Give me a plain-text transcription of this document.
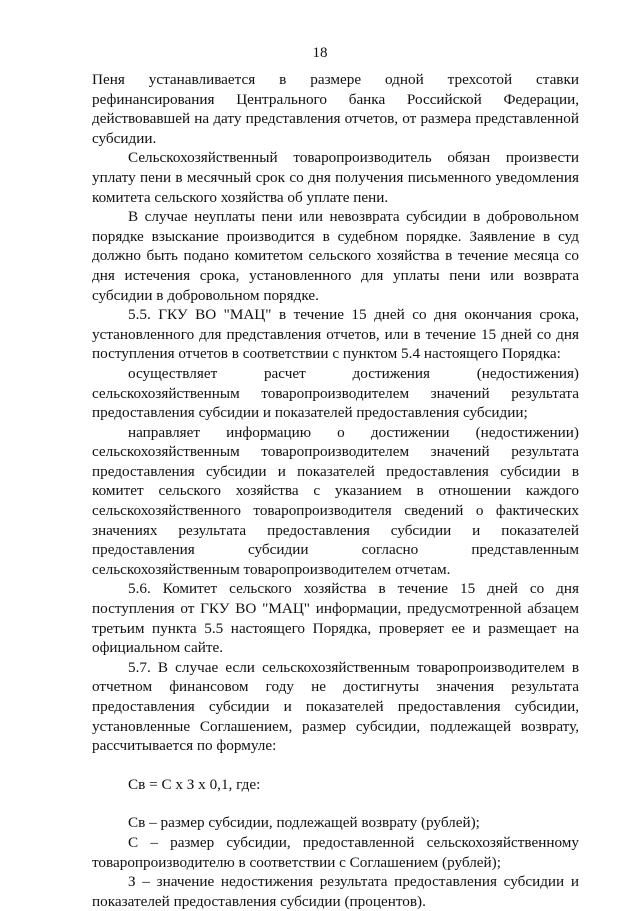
18

Пеня устанавливается в размере одной трехсотой ставки рефинансирования Центрального банка Российской Федерации, действовавшей на дату представления отчетов, от размера представленной субсидии.

Сельскохозяйственный товаропроизводитель обязан произвести уплату пени в месячный срок со дня получения письменного уведомления комитета сельского хозяйства об уплате пени.

В случае неуплаты пени или невозврата субсидии в добровольном порядке взыскание производится в судебном порядке. Заявление в суд должно быть подано комитетом сельского хозяйства в течение месяца со дня истечения срока, установленного для уплаты пени или возврата субсидии в добровольном порядке.

5.5. ГКУ ВО "МАЦ" в течение 15 дней со дня окончания срока, установленного для представления отчетов, или в течение 15 дней со дня поступления отчетов в соответствии с пунктом 5.4 настоящего Порядка:

осуществляет расчет достижения (недостижения) сельскохозяйственным товаропроизводителем значений результата предоставления субсидии и показателей предоставления субсидии;

направляет информацию о достижении (недостижении) сельскохозяйственным товаропроизводителем значений результата предоставления субсидии и показателей предоставления субсидии в комитет сельского хозяйства с указанием в отношении каждого сельскохозяйственного товаропроизводителя сведений о фактических значениях результата предоставления субсидии и показателей предоставления субсидии согласно представленным сельскохозяйственным товаропроизводителем отчетам.

5.6. Комитет сельского хозяйства в течение 15 дней со дня поступления от ГКУ ВО "МАЦ" информации, предусмотренной абзацем третьим пункта 5.5 настоящего Порядка, проверяет ее и размещает на официальном сайте.

5.7. В случае если сельскохозяйственным товаропроизводителем в отчетном финансовом году не достигнуты значения результата предоставления субсидии и показателей предоставления субсидии, установленные Соглашением, размер субсидии, подлежащей возврату, рассчитывается по формуле:

Св = С х З х 0,1, где:

Св – размер субсидии, подлежащей возврату (рублей);

С – размер субсидии, предоставленной сельскохозяйственному товаропроизводителю в соответствии с Соглашением (рублей);

З – значение недостижения результата предоставления субсидии и показателей предоставления субсидии (процентов).
